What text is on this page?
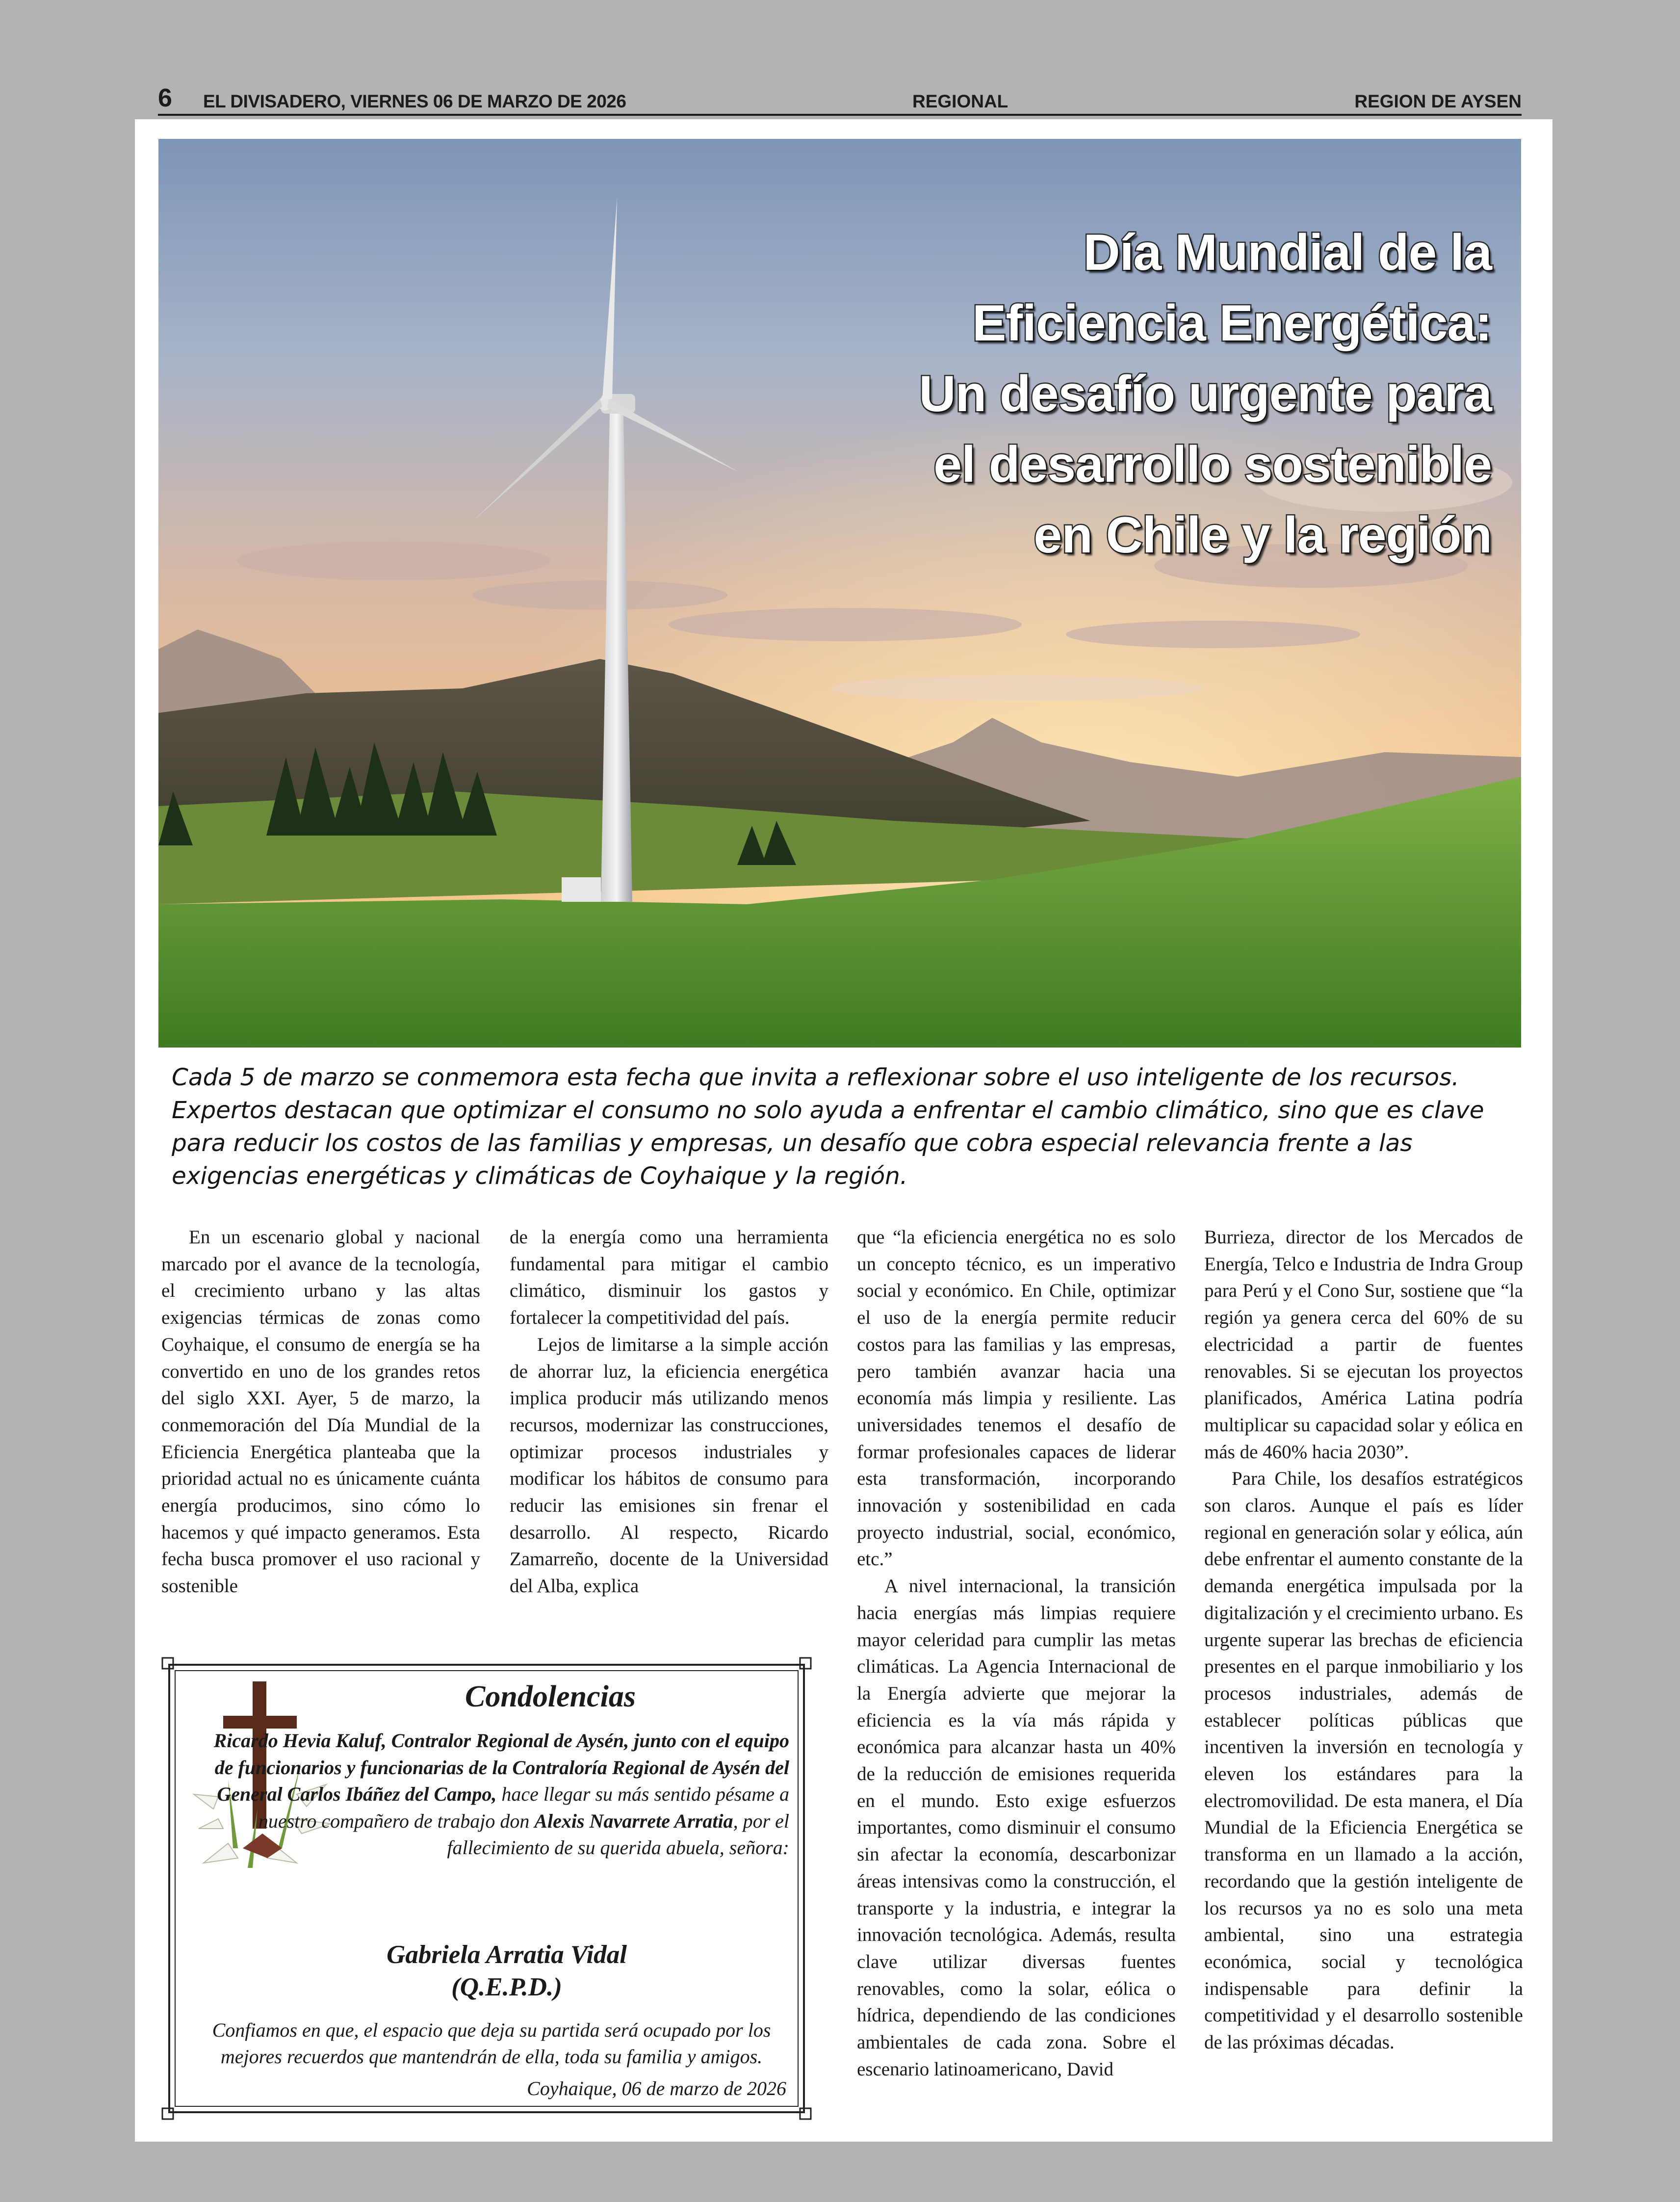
6 EL DIVISADERO, VIERNES 06 DE MARZO DE 2026	REGIONAL	REGION DE AYSEN
Día Mundial de la
Eficiencia Energética:
Un desafío urgente para
el desarrollo sostenible
en Chile y la región
Cada 5 de marzo se conmemora esta fecha que invita a reflexionar sobre el uso inteligente de los recursos. Expertos destacan que optimizar el consumo no solo ayuda a enfrentar el cambio climático, sino que es clave para reducir los costos de las familias y empresas, un desafío que cobra especial relevancia frente a las exigencias energéticas y climáticas de Coyhaique y la región.

En un escenario global y nacional marcado por el avance de la tecnología, el crecimiento urbano y las altas exigencias térmicas de zonas como Coyhaique, el consumo de energía se ha convertido en uno de los grandes retos del siglo XXI. Ayer, 5 de marzo, la conmemoración del Día Mundial de la Eficiencia Energética planteaba que la prioridad actual no es únicamente cuánta energía producimos, sino cómo lo hacemos y qué impacto generamos. Esta fecha busca promover el uso racional y sostenible

de la energía como una herramienta fundamental para mitigar el cambio climático, disminuir los gastos y fortalecer la competitividad del país.

Lejos de limitarse a la simple acción de ahorrar luz, la eficiencia energética implica producir más utilizando menos recursos, modernizar las construcciones, optimizar procesos industriales y modificar los hábitos de consumo para reducir las emisiones sin frenar el desarrollo. Al respecto, Ricardo Zamarreño, docente de la Universidad del Alba, explica

que “la eficiencia energética no es solo un concepto técnico, es un imperativo social y económico. En Chile, optimizar el uso de la energía permite reducir costos para las familias y las empresas, pero también avanzar hacia una economía más limpia y resiliente. Las universidades tenemos el desafío de formar profesionales capaces de liderar esta transformación, incorporando innovación y sostenibilidad en cada proyecto industrial, social, económico, etc.”

A nivel internacional, la transición hacia energías más limpias requiere mayor celeridad para cumplir las metas climáticas. La Agencia Internacional de la Energía advierte que mejorar la eficiencia es la vía más rápida y económica para alcanzar hasta un 40% de la reducción de emisiones requerida en el mundo. Esto exige esfuerzos importantes, como disminuir el consumo sin afectar la economía, descarbonizar áreas intensivas como la construcción, el transporte y la industria, e integrar la innovación tecnológica. Además, resulta clave utilizar diversas fuentes renovables, como la solar, eólica o hídrica, dependiendo de las condiciones ambientales de cada zona. Sobre el escenario latinoamericano, David

Burrieza, director de los Mercados de Energía, Telco e Industria de Indra Group para Perú y el Cono Sur, sostiene que “la región ya genera cerca del 60% de su electricidad a partir de fuentes renovables. Si se ejecutan los proyectos planificados, América Latina podría multiplicar su capacidad solar y eólica en más de 460% hacia 2030”.

Para Chile, los desafíos estratégicos son claros. Aunque el país es líder regional en generación solar y eólica, aún debe enfrentar el aumento constante de la demanda energética impulsada por la digitalización y el crecimiento urbano. Es urgente superar las brechas de eficiencia presentes en el parque inmobiliario y los procesos industriales, además de establecer políticas públicas que incentiven la inversión en tecnología y eleven los estándares para la electromovilidad. De esta manera, el Día Mundial de la Eficiencia Energética se transforma en un llamado a la acción, recordando que la gestión inteligente de los recursos ya no es solo una meta ambiental, sino una estrategia económica, social y tecnológica indispensable para definir la competitividad y el desarrollo sostenible de las próximas décadas.

Condolencias
Ricardo Hevia Kaluf, Contralor Regional de Aysén, junto con el equipo de funcionarios y funcionarias de la Contraloría Regional de Aysén del General Carlos Ibáñez del Campo, hace llegar su más sentido pésame a nuestro compañero de trabajo don Alexis Navarrete Arratia, por el fallecimiento de su querida abuela, señora:
Gabriela Arratia Vidal
(Q.E.P.D.)
Confiamos en que, el espacio que deja su partida será ocupado por los mejores recuerdos que mantendrán de ella, toda su familia y amigos.
Coyhaique, 06 de marzo de 2026
